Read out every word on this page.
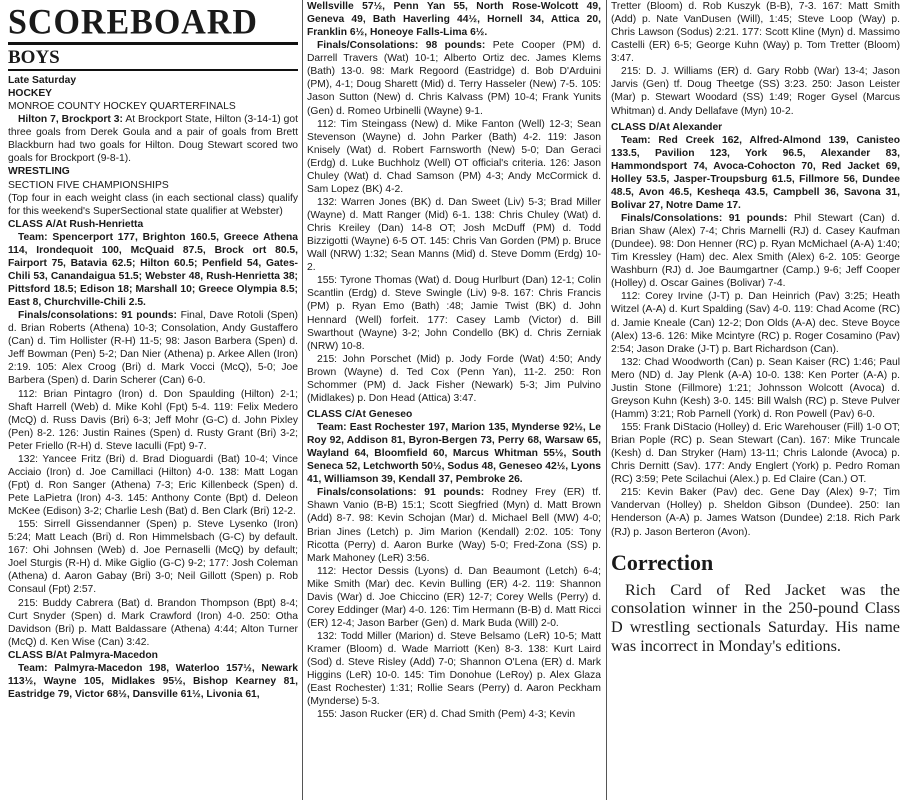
SCOREBOARD
BOYS
Late Saturday
HOCKEY
MONROE COUNTY HOCKEY QUARTERFINALS

Hilton 7, Brockport 3: At Brockport State, Hilton (3-14-1) got three goals from Derek Goula and a pair of goals from Brett Blackburn had two goals for Hilton. Doug Stewart scored two goals for Brockport (9-8-1).

WRESTLING
SECTION FIVE CHAMPIONSHIPS

(Top four in each weight class (in each sectional class) qualify for this weekend's SuperSectional state qualifier at Webster)

CLASS A/At Rush-Henrietta

Team: Spencerport 177, Brighton 160.5, Greece Athena 114, Irondequoit 100, McQuaid 87.5, Brock ort 80.5, Fairport 75, Batavia 62.5; Hilton 60.5; Penfield 54, Gates-Chili 53, Canandaigua 51.5; Webster 48, Rush-Henrietta 38; Pittsford 18.5; Edison 18; Marshall 10; Greece Olympia 8.5; East 8, Churchville-Chili 2.5.

Finals/consolations: 91 pounds: Final, Dave Rotoli (Spen) d. Brian Roberts (Athena) 10-3; Consolation, Andy Gustaffero (Can) d. Tim Hollister (R-H) 11-5; 98: Jason Barbera (Spen) d. Jeff Bowman (Pen) 5-2; Dan Nier (Athena) p. Arkee Allen (Iron) 2:19. 105: Alex Croog (Bri) d. Mark Vocci (McQ), 5-0; Joe Barbera (Spen) d. Darin Scherer (Can) 6-0.

112: Brian Pintagro (Iron) d. Don Spaulding (Hilton) 2-1; Shaft Harrell (Web) d. Mike Kohl (Fpt) 5-4. 119: Felix Medero (McQ) d. Russ Davis (Bri) 6-3; Jeff Mohr (G-C) d. John Pixley (Pen) 8-2. 126: Justin Raines (Spen) d. Rusty Grant (Bri) 3-2; Peter Friello (R-H) d. Steve Iaculli (Fpt) 9-7.

132: Yancee Fritz (Bri) d. Brad Dioguardi (Bat) 10-4; Vince Acciaio (Iron) d. Joe Camillaci (Hilton) 4-0. 138: Matt Logan (Fpt) d. Ron Sanger (Athena) 7-3; Eric Killenbeck (Spen) d. Pete LaPietra (Iron) 4-3. 145: Anthony Conte (Bpt) d. Deleon McKee (Edison) 3-2; Charlie Lesh (Bat) d. Ben Clark (Bri) 12-2.

155: Sirrell Gissendanner (Spen) p. Steve Lysenko (Iron) 5:24; Matt Leach (Bri) d. Ron Himmelsbach (G-C) by default. 167: Ohi Johnsen (Web) d. Joe Pernaselli (McQ) by default; Joel Sturgis (R-H) d. Mike Giglio (G-C) 9-2; 177: Josh Coleman (Athena) d. Aaron Gabay (Bri) 3-0; Neil Gillott (Spen) p. Rob Consaul (Fpt) 2:57.

215: Buddy Cabrera (Bat) d. Brandon Thompson (Bpt) 8-4; Curt Snyder (Spen) d. Mark Crawford (Iron) 4-0. 250: Otha Davidson (Bri) p. Matt Baldassare (Athena) 4:44; Alton Turner (McQ) d. Ken Wise (Can) 3:42.

CLASS B/At Palmyra-Macedon

Team: Palmyra-Macedon 198, Waterloo 157½, Newark 113½, Wayne 105, Midlakes 95½, Bishop Kearney 81, Eastridge 79, Victor 68½, Dansville 61½, Livonia 61,

Wellsville 57½, Penn Yan 55, North Rose-Wolcott 49, Geneva 49, Bath Haverling 44½, Hornell 34, Attica 20, Franklin 6½, Honeoye Falls-Lima 6½.

Finals/Consolations: 98 pounds: Pete Cooper (PM) d. Darrell Travers (Wat) 10-1; Alberto Ortiz dec. James Klems (Bath) 13-0. 98: Mark Regoord (Eastridge) d. Bob D'Arduini (PM), 4-1; Doug Sharett (Mid) d. Terry Hasseler (New) 7-5. 105: Jason Sutton (New) d. Chris Kalvass (PM) 10-4; Frank Yunits (Gen) d. Romeo Urbinelli (Wayne) 9-1.

112: Tim Steingass (New) d. Mike Fanton (Well) 12-3; Sean Stevenson (Wayne) d. John Parker (Bath) 4-2. 119: Jason Knisely (Wat) d. Robert Farnsworth (New) 5-0; Dan Geraci (Erdg) d. Luke Buchholz (Well) OT official's criteria. 126: Jason Chuley (Wat) d. Chad Samson (PM) 4-3; Andy McCormick d. Sam Lopez (BK) 4-2.

132: Warren Jones (BK) d. Dan Sweet (Liv) 5-3; Brad Miller (Wayne) d. Matt Ranger (Mid) 6-1. 138: Chris Chuley (Wat) d. Chris Kreiley (Dan) 14-8 OT; Josh McDuff (PM) d. Todd Bizzigotti (Wayne) 6-5 OT. 145: Chris Van Gorden (PM) p. Bruce Wall (NRW) 1:32; Sean Manns (Mid) d. Steve Domm (Erdg) 10-2.

155: Tyrone Thomas (Wat) d. Doug Hurlburt (Dan) 12-1; Colin Scantlin (Erdg) d. Steve Swingle (Liv) 9-8. 167: Chris Francis (PM) p. Ryan Emo (Bath) :48; Jamie Twist (BK) d. John Hennard (Well) forfeit. 177: Casey Lamb (Victor) d. Bill Swarthout (Wayne) 3-2; John Condello (BK) d. Chris Zerniak (NRW) 10-8.

215: John Porschet (Mid) p. Jody Forde (Wat) 4:50; Andy Brown (Wayne) d. Ted Cox (Penn Yan), 11-2. 250: Ron Schommer (PM) d. Jack Fisher (Newark) 5-3; Jim Pulvino (Midlakes) p. Don Head (Attica) 3:47.

CLASS C/At Geneseo

Team: East Rochester 197, Marion 135, Mynderse 92½, Le Roy 92, Addison 81, Byron-Bergen 73, Perry 68, Warsaw 65, Wayland 64, Bloomfield 60, Marcus Whitman 55½, South Seneca 52, Letchworth 50½, Sodus 48, Geneseo 42½, Lyons 41, Williamson 39, Kendall 37, Pembroke 26.

Finals/consolations: 91 pounds: Rodney Frey (ER) tf. Shawn Vanio (B-B) 15:1; Scott Siegfried (Myn) d. Matt Brown (Add) 8-7. 98: Kevin Schojan (Mar) d. Michael Bell (MW) 4-0; Brian Jines (Letch) p. Jim Marion (Kendall) 2:02. 105: Tony Ricotta (Perry) d. Aaron Burke (Way) 5-0; Fred-Zona (SS) p. Mark Mahoney (LeR) 3:56.

112: Hector Dessis (Lyons) d. Dan Beaumont (Letch) 6-4; Mike Smith (Mar) dec. Kevin Bulling (ER) 4-2. 119: Shannon Davis (War) d. Joe Chiccino (ER) 12-7; Corey Wells (Perry) d. Corey Eddinger (Mar) 4-0. 126: Tim Hermann (B-B) d. Matt Ricci (ER) 12-4; Jason Barber (Gen) d. Mark Buda (Will) 2-0.

132: Todd Miller (Marion) d. Steve Belsamo (LeR) 10-5; Matt Kramer (Bloom) d. Wade Marriott (Ken) 8-3. 138: Kurt Laird (Sod) d. Steve Risley (Add) 7-0; Shannon O'Lena (ER) d. Mark Higgins (LeR) 10-0. 145: Tim Donohue (LeRoy) p. Alex Glaza (East Rochester) 1:31; Rollie Sears (Perry) d. Aaron Peckham (Mynderse) 5-3.

155: Jason Rucker (ER) d. Chad Smith (Pem) 4-3; Kevin

Tretter (Bloom) d. Rob Kuszyk (B-B), 7-3. 167: Matt Smith (Add) p. Nate VanDusen (Will), 1:45; Steve Loop (Way) p. Chris Lawson (Sodus) 2:21. 177: Scott Kline (Myn) d. Massimo Castelli (ER) 6-5; George Kuhn (Way) p. Tom Tretter (Bloom) 3:47.

215: D. J. Williams (ER) d. Gary Robb (War) 13-4; Jason Jarvis (Gen) tf. Doug Theetge (SS) 3:23. 250: Jason Leister (Mar) p. Stewart Woodard (SS) 1:49; Roger Gysel (Marcus Whitman) d. Andy Dellafave (Myn) 10-2.

CLASS D/At Alexander

Team: Red Creek 162, Alfred-Almond 139, Canisteo 133.5, Pavilion 123, York 96.5, Alexander 83, Hammondsport 74, Avoca-Cohocton 70, Red Jacket 69, Holley 53.5, Jasper-Troupsburg 61.5, Fillmore 56, Dundee 48.5, Avon 46.5, Kesheqa 43.5, Campbell 36, Savona 31, Bolivar 27, Notre Dame 17.

Finals/Consolations: 91 pounds: Phil Stewart (Can) d. Brian Shaw (Alex) 7-4; Chris Marnelli (RJ) d. Casey Kaufman (Dundee). 98: Don Henner (RC) p. Ryan McMichael (A-A) 1:40; Tim Kressley (Ham) dec. Alex Smith (Alex) 6-2. 105: George Washburn (RJ) d. Joe Baumgartner (Camp.) 9-6; Jeff Cooper (Holley) d. Oscar Gaines (Bolivar) 7-4.

112: Corey Irvine (J-T) p. Dan Heinrich (Pav) 3:25; Heath Witzel (A-A) d. Kurt Spalding (Sav) 4-0. 119: Chad Acome (RC) d. Jamie Kneale (Can) 12-2; Don Olds (A-A) dec. Steve Boyce (Alex) 13-6. 126: Mike Mcintyre (RC) p. Roger Cosamino (Pav) 2:54; Jason Drake (J-T) p. Bart Richardson (Can).

132: Chad Woodworth (Can) p. Sean Kaiser (RC) 1:46; Paul Mero (ND) d. Jay Plenk (A-A) 10-0. 138: Ken Porter (A-A) p. Justin Stone (Fillmore) 1:21; Johnsson Wolcott (Avoca) d. Greyson Kuhn (Kesh) 3-0. 145: Bill Walsh (RC) p. Steve Pulver (Hamm) 3:21; Rob Parnell (York) d. Ron Powell (Pav) 6-0.

155: Frank DiStacio (Holley) d. Eric Warehouser (Fill) 1-0 OT; Brian Pople (RC) p. Sean Stewart (Can). 167: Mike Truncale (Kesh) d. Dan Stryker (Ham) 13-11; Chris Lalonde (Avoca) p. Chris Dernitt (Sav). 177: Andy Englert (York) p. Pedro Roman (RC) 3:59; Pete Scilachui (Alex.) p. Ed Claire (Can.) OT.

215: Kevin Baker (Pav) dec. Gene Day (Alex) 9-7; Tim Vandervan (Holley) p. Sheldon Gibson (Dundee). 250: Ian Henderson (A-A) p. James Watson (Dundee) 2:18. Rich Park (RJ) p. Jason Berteron (Avon).

Correction
Rich Card of Red Jacket was the consolation winner in the 250-pound Class D wrestling sectionals Saturday. His name was incorrect in Monday's editions.
